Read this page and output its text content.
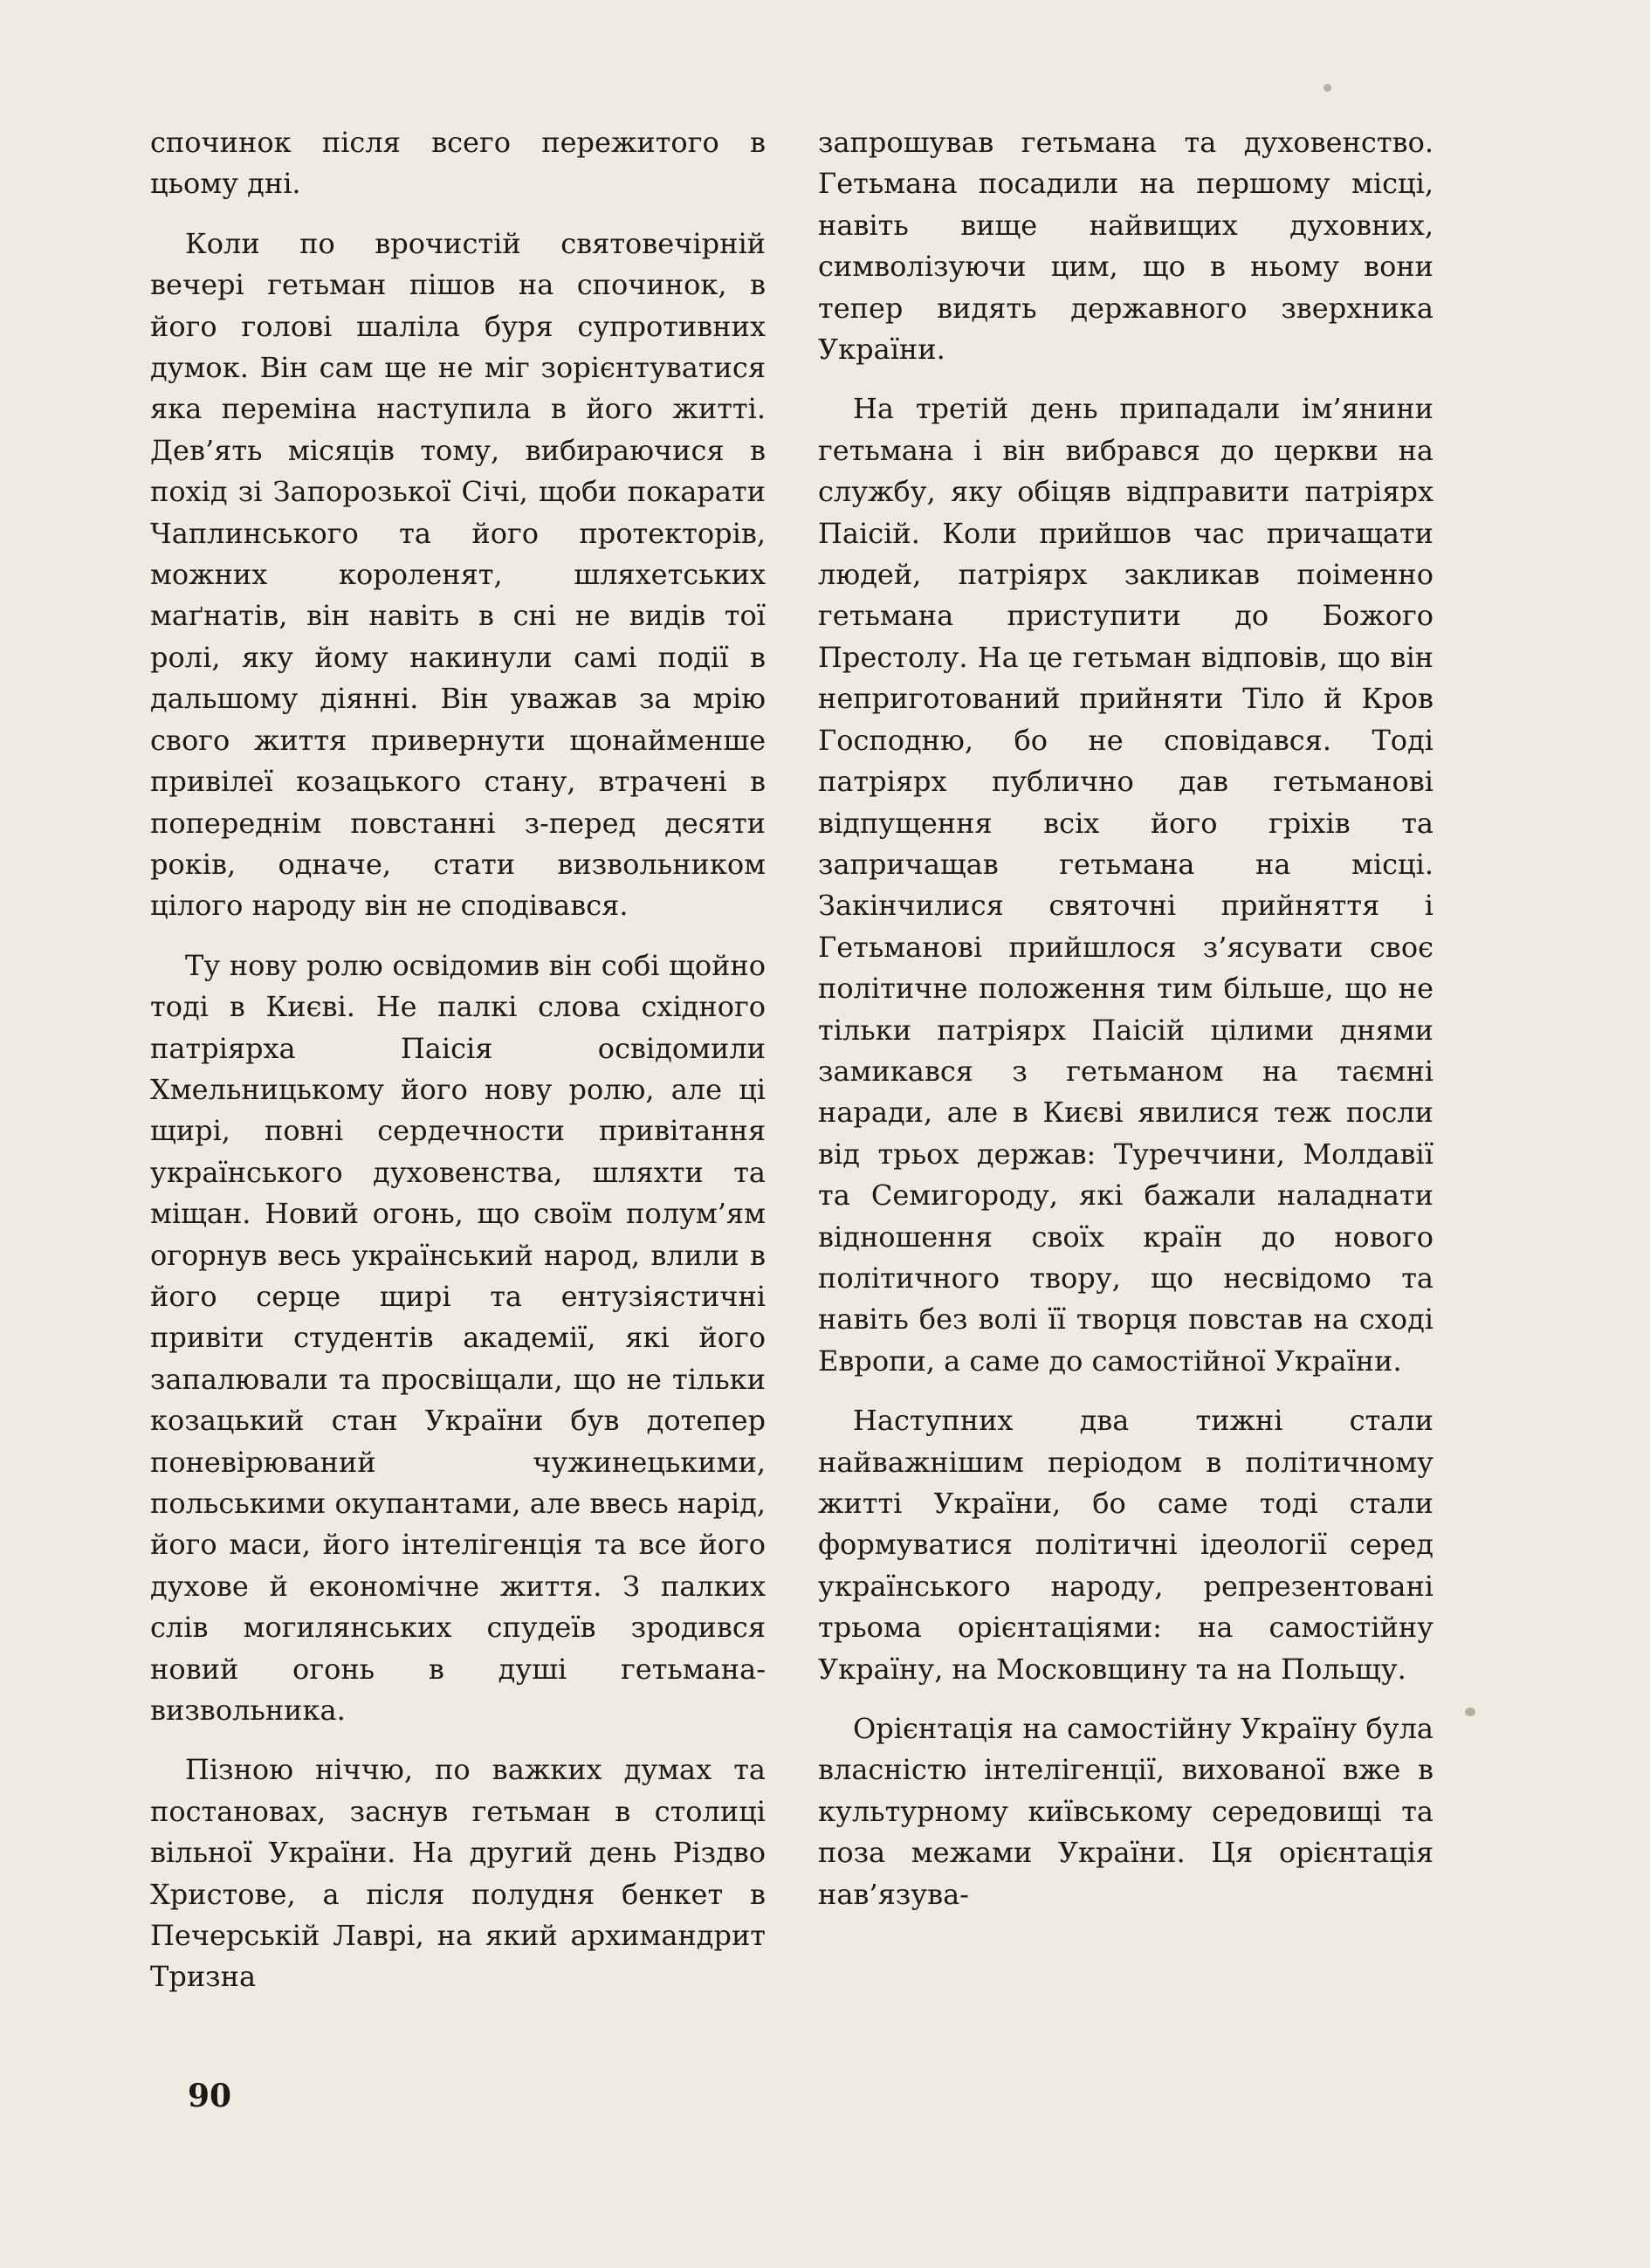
спочинок після всего пережитого в цьому дні.

Коли по врочистій святовечірній вечері гетьман пішов на спочинок, в його голові шаліла буря супротивних думок. Він сам ще не міг зорієнтуватися яка переміна наступила в його житті. Дев’ять місяців тому, вибираючися в похід зі Запорозької Січі, щоби покарати Чаплинського та його протекторів, можних короленят, шляхетських маґнатів, він навіть в сні не видів тої ролі, яку йому накинули самі події в дальшому діянні. Він уважав за мрію свого життя привернути щонайменше привілеї козацького стану, втрачені в попереднім повстанні з-перед десяти років, одначе, стати визвольником цілого народу він не сподівався.

Ту нову ролю освідомив він собі щойно тоді в Києві. Не палкі слова східного патріярха Паісія освідомили Хмельницькому його нову ролю, але ці щирі, повні сердечности привітання українського духовенства, шляхти та міщан. Новий огонь, що своїм полум’ям огорнув весь український народ, влили в його серце щирі та ентузіястичні привіти студентів академії, які його запалювали та просвіщали, що не тільки козацький стан України був дотепер поневірюваний чужинецькими, польськими окупантами, але ввесь нарід, його маси, його інтелігенція та все його духове й економічне життя. З палких слів могилянських спудеїв зродився новий огонь в душі гетьмана-визвольника.

Пізною ніччю, по важких думах та постановах, заснув гетьман в столиці вільної України. На другий день Різдво Христове, а після полудня бенкет в Печерській Лаврі, на який архимандрит Тризна

запрошував гетьмана та духовенство. Гетьмана посадили на першому місці, навіть вище найвищих духовних, символізуючи цим, що в ньому вони тепер видять державного зверхника України.

На третій день припадали ім’янини гетьмана і він вибрався до церкви на службу, яку обіцяв відправити патріярх Паісій. Коли прийшов час причащати людей, патріярх закликав поіменно гетьмана приступити до Божого Престолу. На це гетьман відповів, що він неприготований прийняти Тіло й Кров Господню, бо не сповідався. Тоді патріярх публично дав гетьманові відпущення всіх його гріхів та запричащав гетьмана на місці. Закінчилися святочні прийняття і Гетьманові прийшлося з’ясувати своє політичне положення тим більше, що не тільки патріярх Паісій цілими днями замикався з гетьманом на таємні наради, але в Києві явилися теж посли від трьох держав: Туреччини, Молдавії та Семигороду, які бажали наладнати відношення своїх країн до нового політичного твору, що несвідомо та навіть без волі її творця повстав на сході Европи, а саме до самостійної України.

Наступних два тижні стали найважнішим періодом в політичному житті України, бо саме тоді стали формуватися політичні ідеології серед українського народу, репрезентовані трьома орієнтаціями: на самостійну Україну, на Московщину та на Польщу.

Орієнтація на самостійну Україну була власністю інтелігенції, вихованої вже в культурному київському середовищі та поза межами України. Ця орієнтація нав’язува-

90
